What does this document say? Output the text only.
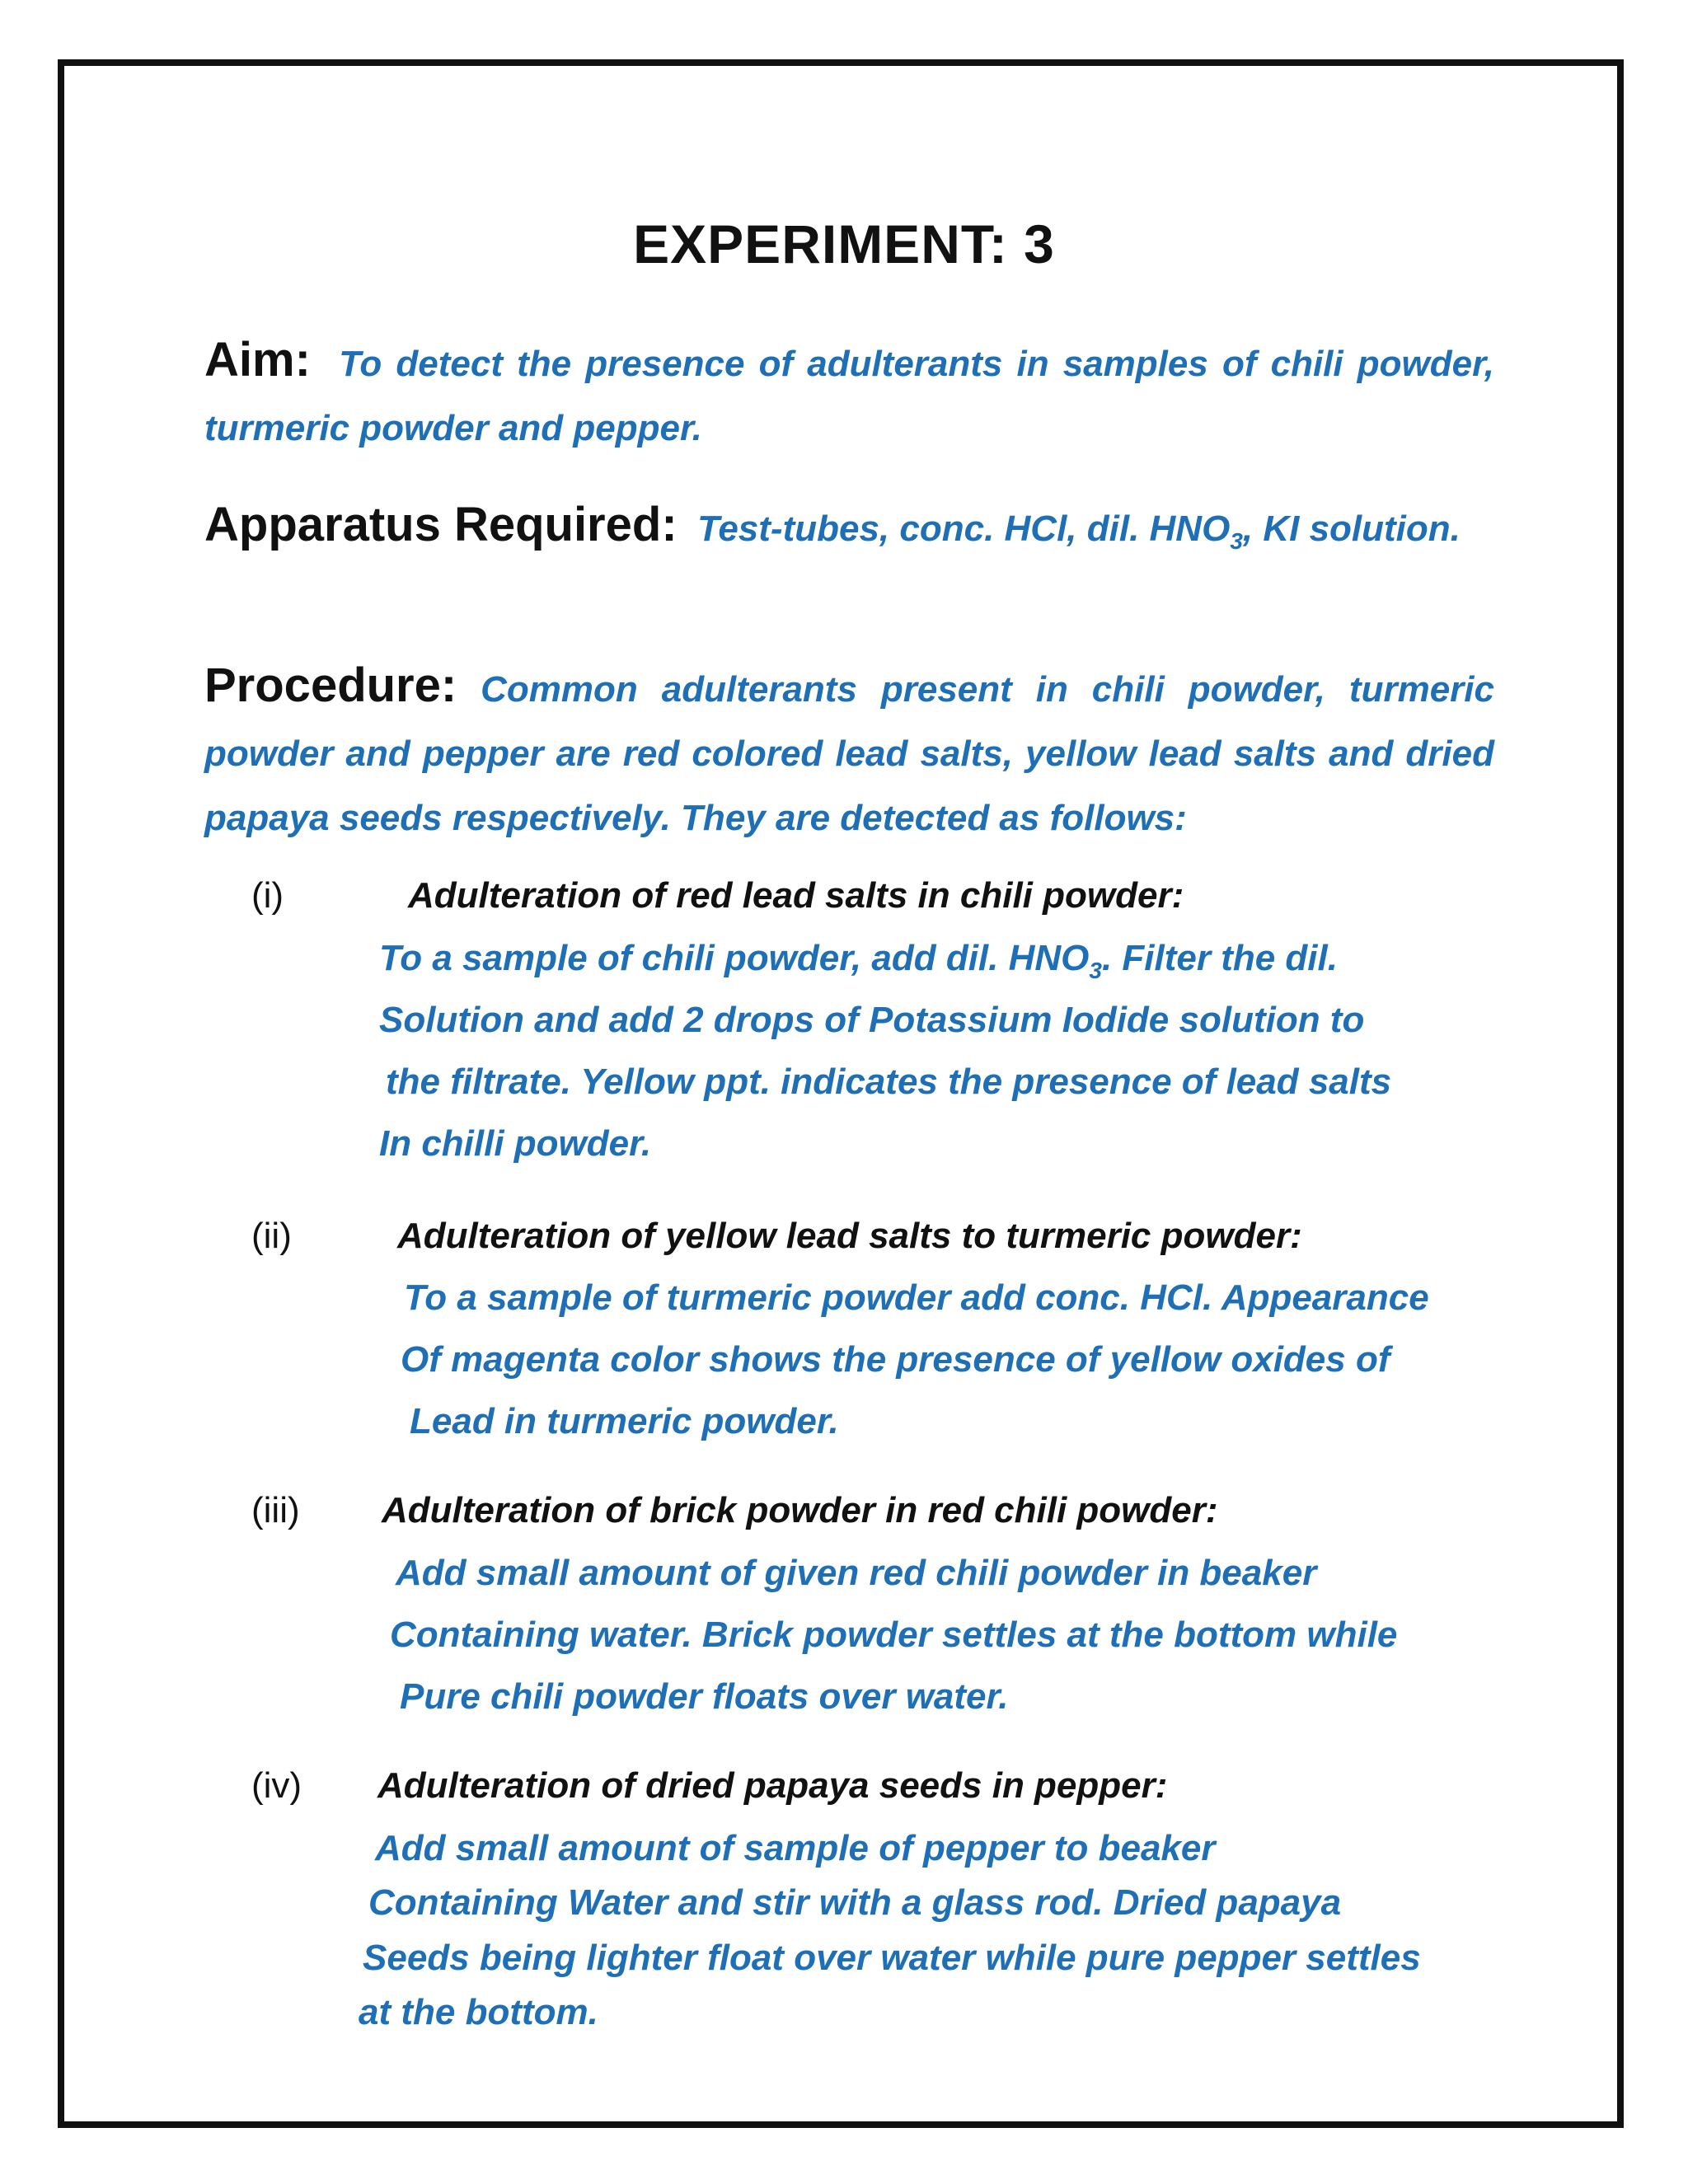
EXPERIMENT: 3
Aim: To detect the presence of adulterants in samples of chili powder, turmeric powder and pepper.
Apparatus Required: Test-tubes, conc. HCl, dil. $HNO_3$, KI solution.
Procedure: Common adulterants present in chili powder, turmeric powder and pepper are red colored lead salts, yellow lead salts and dried papaya seeds respectively. They are detected as follows:
(i)	Adulteration of red lead salts in chili powder:
To a sample of chili powder, add dil. $HNO_3$. Filter the dil.
Solution and add 2 drops of Potassium Iodide solution to
the filtrate. Yellow ppt. indicates the presence of lead salts
In chilli powder.
(ii)	Adulteration of yellow lead salts to turmeric powder:
To a sample of turmeric powder add conc. HCl. Appearance
Of magenta color shows the presence of yellow oxides of
Lead in turmeric powder.
(iii) Adulteration of brick powder in red chili powder:
Add small amount of given red chili powder in beaker
Containing water. Brick powder settles at the bottom while
Pure chili powder floats over water.
(iv) Adulteration of dried papaya seeds in pepper:
Add small amount of sample of pepper to beaker
Containing Water and stir with a glass rod. Dried papaya
Seeds being lighter float over water while pure pepper settles
at the bottom.
